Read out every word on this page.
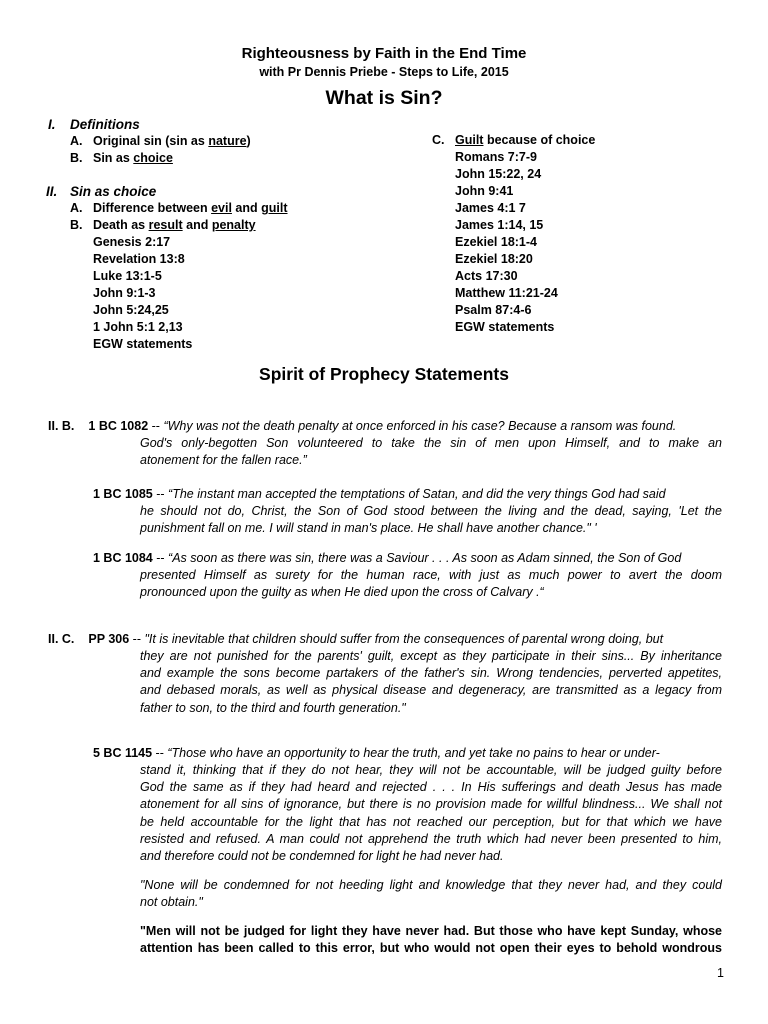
Righteousness by Faith in the End Time
with Pr Dennis Priebe - Steps to Life, 2015
What is Sin?
I. Definitions
A. Original sin (sin as nature)
B. Sin as choice
II. Sin as choice
A. Difference between evil and guilt
B. Death as result and penalty
Genesis 2:17
Revelation 13:8
Luke 13:1-5
John 9:1-3
John 5:24,25
1 John 5:1 2,13
EGW statements
C. Guilt because of choice
Romans 7:7-9
John 15:22, 24
John 9:41
James 4:1 7
James 1:14, 15
Ezekiel 18:1-4
Ezekiel 18:20
Acts 17:30
Matthew 11:21-24
Psalm 87:4-6
EGW statements
Spirit of Prophecy Statements
II. B. 1 BC 1082 -- “Why was not the death penalty at once enforced in his case? Because a ransom was found.
God's only-begotten Son volunteered to take the sin of men upon Himself, and to make an
atonement for the fallen race.”
1 BC 1085 -- “The instant man accepted the temptations of Satan, and did the very things God had said
he should not do, Christ, the Son of God stood between the living and the dead, saying, 'Let the
punishment fall on me. I will stand in man's place. He shall have another chance." '
1 BC 1084 -- “As soon as there was sin, there was a Saviour . . . As soon as Adam sinned, the Son of God
presented Himself as surety for the human race, with just as much power to avert the doom
pronounced upon the guilty as when He died upon the cross of Calvary .“
II. C. PP 306 -- "It is inevitable that children should suffer from the consequences of parental wrong doing, but
they are not punished for the parents' guilt, except as they participate in their sins... By inheritance
and example the sons become partakers of the father's sin. Wrong tendencies, perverted appetites,
and debased morals, as well as physical disease and degeneracy, are transmitted as a legacy from
father to son, to the third and fourth generation."
5 BC 1145 -- “Those who have an opportunity to hear the truth, and yet take no pains to hear or under-
stand it, thinking that if they do not hear, they will not be accountable, will be judged guilty before
God the same as if they had heard and rejected . . . In His sufferings and death Jesus has made
atonement for all sins of ignorance, but there is no provision made for willful blindness... We shall not
be held accountable for the light that has not reached our perception, but for that which we have
resisted and refused. A man could not apprehend the truth which had never been presented to him,
and therefore could not be condemned for light he had never had.
"None will be condemned for not heeding light and knowledge that they never had, and they could
not obtain."
"Men will not be judged for light they have never had. But those who have kept Sunday, whose
attention has been called to this error, but who would not open their eyes to behold wondrous
1
